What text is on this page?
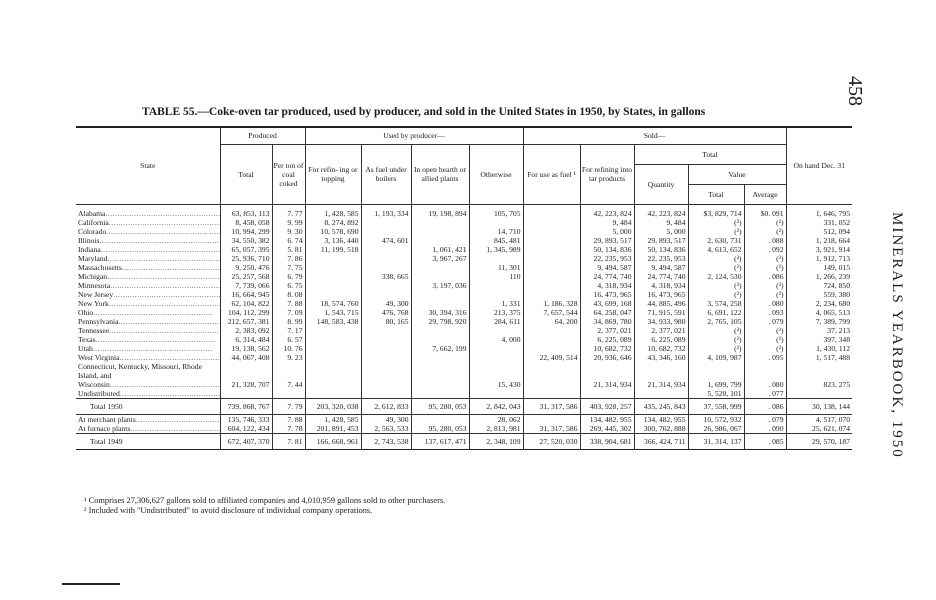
458
MINERALS YEARBOOK, 1950
TABLE 55.—Coke-oven tar produced, used by producer, and sold in the United States in 1950, by States, in gallons
State	Produced		Used by producer—				Sold—					On hand Dec. 31
	Total	Per ton of coal coked	For refin- ing or topping	As fuel under boilers	In open hearth or allied plants	Otherwise	For use as fuel ¹	For refining into tar products	Total			
									Quantity	Value		
										Total	Average	

Alabama .....	63, 853, 113	7. 77	1, 428, 585	1, 193, 334	19, 198, 894	105, 705		42, 223, 824	42, 223, 824	$3, 829, 714	$0. 091	1, 646, 795
California .....	8, 458, 058	9. 99	8, 274, 892					9, 484	9, 484	(²)	(²)	331, 052
Colorado .....	10, 994, 299	9. 30	10, 578, 690			14, 710		5, 000	5, 000	(²)	(²)	512, 094
Illinois .....	34, 550, 382	6. 74	3, 136, 440	474, 601		845, 481		29, 893, 517	29, 893, 517	2, 630, 731	. 088	1, 218, 664
Indiana .....	65, 057, 395	5. 81	11, 199, 518		1, 061, 421	1, 345, 989		50, 134, 836	50, 134, 836	4, 613, 652	. 092	3, 921, 914
Maryland .....	25, 936, 710	7. 86			3, 967, 267			22, 235, 953	22, 235, 953	(²)	(²)	1, 912, 713
Massachusetts .....	9, 250, 476	7. 75				11, 301		9, 494, 587	9, 494, 587	(²)	(²)	149, 015
Michigan .....	25, 257, 568	6. 79		338, 665		110		24, 774, 740	24, 774, 740	2, 124, 530	. 086	1, 266, 239
Minnesota .....	7, 739, 066	6. 75			3, 197, 036			4, 318, 934	4, 318, 934	(²)	(²)	724, 850
New Jersey .....	16, 664, 945	8. 08						16, 473, 965	16, 473, 965	(²)	(²)	559, 380
New York .....	62, 104, 822	7. 88	18, 574, 760	49, 300		1, 331	1, 186, 328	43, 699, 168	44, 885, 496	3, 574, 258	. 080	2, 234, 680
Ohio .....	104, 112, 299	7. 09	1, 543, 715	476, 768	30, 394, 316	213, 375	7, 657, 544	64, 258, 047	71, 915, 591	6, 691, 122	. 093	4, 065, 513
Pennsylvania .....	212, 657, 381	8. 99	148, 583, 438	80, 165	29, 798, 920	284, 611	64, 200	34, 869, 780	34, 933, 980	2, 765, 105	. 079	7, 389, 799
Tennessee .....	2, 383, 092	7. 17						2, 377, 021	2, 377, 021	(²)	(²)	37, 213
Texas .....	6, 314, 484	6. 57				4, 000		6, 225, 089	6, 225, 089	(²)	(²)	397, 348
Utah .....	19, 138, 562	10. 76			7, 662, 199			10, 682, 732	10, 682, 732	(²)	(²)	1, 430, 112
West Virginia .....	44, 067, 408	9. 23					22, 409, 514	20, 936, 646	43, 346, 160	4, 109, 987	. 095	1, 517, 488
Connecticut, Kentucky, Missouri, Rhode Island, and Wisconsin .....	21, 328, 707	7. 44				15, 430		21, 314, 934	21, 314, 934	1, 699, 799	. 080	823, 275
Undistributed .....										5, 520, 101	. 077	
Total 1950	739, 868, 767	7. 79	203, 320, 038	2, 612, 833	95, 280, 053	2, 842, 043	31, 317, 586	403, 928, 257	435, 245, 843	37, 558, 999	. 086	30, 138, 144
At merchant plants .....	135, 746, 333	7. 88	1, 428, 585	49, 300		28, 062		134, 482, 955	134, 482, 955	10, 572, 932	. 079	4, 517, 070
At furnace plants .....	604, 122, 434	7. 78	201, 891, 453	2, 563, 533	95, 280, 053	2, 813, 981	31, 317, 586	269, 445, 302	300, 762, 888	26, 986, 067	. 090	25, 621, 074
Total 1949	672, 407, 370	7. 81	166, 668, 961	2, 743, 538	137, 617, 471	2, 348, 109	27, 520, 030	338, 904, 681	366, 424, 711	31, 314, 137	. 085	29, 570, 187
¹ Comprises 27,306,627 gallons sold to affiliated companies and 4,010,959 gallons sold to other purchasers.
² Included with "Undistributed" to avoid disclosure of individual company operations.
